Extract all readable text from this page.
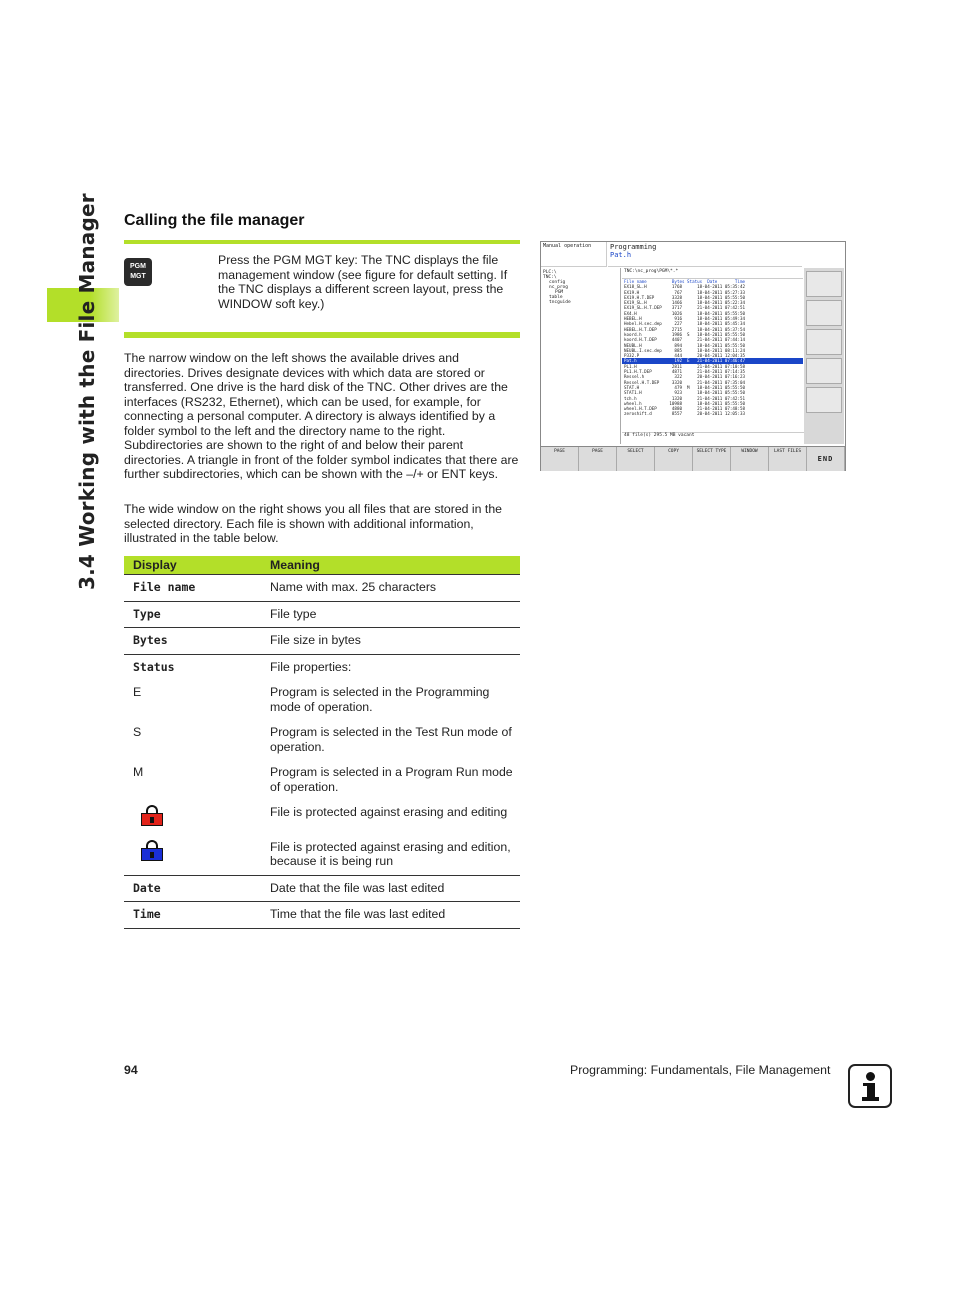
3.4 Working with the File Manager	Calling the file manager
PGM
MGT
Press the PGM MGT key: The TNC displays the file management window (see figure for default setting. If the TNC displays a different screen layout, press the WINDOW soft key.)
The narrow window on the left shows the available drives and directories. Drives designate devices with which data are stored or transferred. One drive is the hard disk of the TNC. Other drives are the interfaces (RS232, Ethernet), which can be used, for example, for connecting a personal computer. A directory is always identified by a folder symbol to the left and the directory name to the right. Subdirectories are shown to the right of and below their parent directories. A triangle in front of the folder symbol indicates that there are further subdirectories, which can be shown with the –/+ or ENT keys.
The wide window on the right shows you all files that are stored in the selected directory. Each file is shown with additional information, illustrated in the table below.
Display	Meaning
File name	Name with max. 25 characters
Type	File type
Bytes	File size in bytes
Status	File properties:
E	Program is selected in the Programming mode of operation.
S	Program is selected in the Test Run mode of operation.
M	Program is selected in a Program Run mode of operation.

	File is protected against erasing and editing

	File is protected against erasing and edition, because it is being run
Date	Date that the file was last edited
Time	Time that the file was last edited
Manual operation	Programming
Pat.h
PLC:\
TNC:\
config
nc_prog
PGM
table
tncguide
TNC:\nc_prog\PGM\*.*
File name          Bytes Status  Date       Time
EX18_SL.H          1768      18-04-2011 05:35:42
EX19.H              767      18-04-2011 05:27:33
EX19.H.T.DEP       3328      18-04-2011 05:55:50
EX19_SL.H          1466      18-04-2011 05:22:34
EX19_SL.H.T.DEP    3717      21-04-2011 07:42:51
EX4.H              1026      18-04-2011 05:55:50
HEBEL.H             916      18-04-2011 05:49:34
Hebel.H.sec.dep     227      18-04-2011 05:45:34
HEBEL.H.T.DEP      2715      18-04-2011 05:37:54
koord.h            1986  S   18-04-2011 05:55:50
koord.H.T.DEP      4407      21-04-2011 07:44:14
NEUBL.H             894      18-04-2011 05:55:50
NEUBL.I.sec.dep     885      18-04-2011 08:11:24
P332.P              444      20-04-2011 12:04:35
Pat.h               192  E   21-04-2011 07:46:47
PL1.H              2811      21-04-2011 07:10:58
PL1.H.T.DEP        4871      21-04-2011 07:14:35
Ressel.h            322      20-04-2011 07:16:23
Ressel.H.T.DEP     3320      21-04-2011 07:35:04
STAT.H              479  M   18-04-2011 05:55:50
STAT1.H             923      18-04-2011 05:55:50
tch.h              1320      21-04-2011 07:42:51
wheel.h           10988      18-04-2011 05:55:50
wheel.H.T.DEP      4880      21-04-2011 07:48:58
zeroshift.d        8557      20-04-2011 12:05:33
48 file(s) 295.5 MB vacant
PAGE	PAGE	SELECT	COPY	SELECT TYPE	WINDOW	LAST FILES
END
94	Programming: Fundamentals, File Management
